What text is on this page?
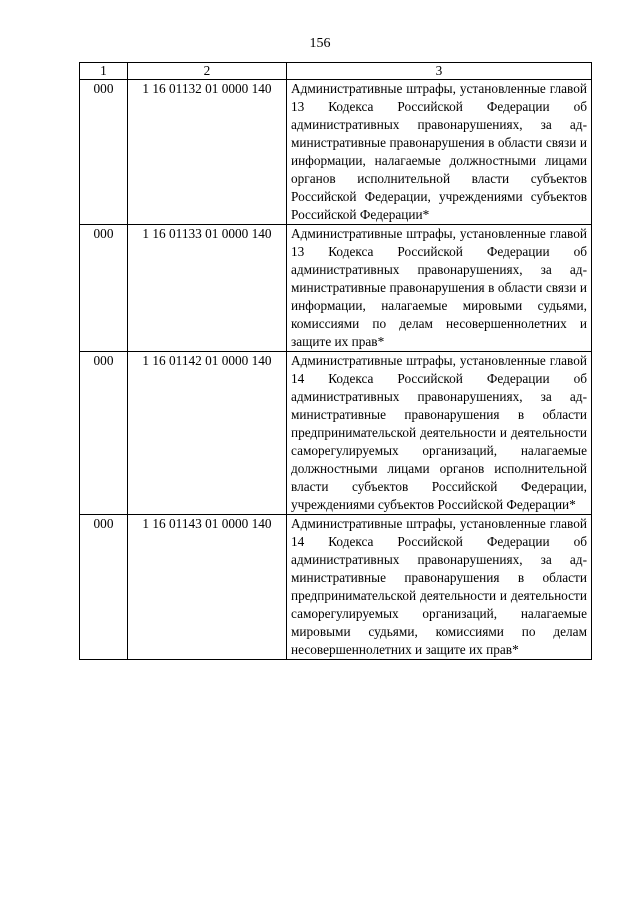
156
1	2	3
000	1 16 01132 01 0000 140	Административные штрафы, установленные главой 13 Кодекса Российской Федерации об административных правонарушениях, за административные правонарушения в области связи и информации, налагаемые должностными лицами органов исполнительной власти субъектов Российской Федерации, учреждениями субъектов Российской Федерации*
000	1 16 01133 01 0000 140	Административные штрафы, установленные главой 13 Кодекса Российской Федерации об административных правонарушениях, за административные правонарушения в области связи и информации, налагаемые мировыми судьями, комиссиями по делам несовершеннолетних и защите их прав*
000	1 16 01142 01 0000 140	Административные штрафы, установленные главой 14 Кодекса Российской Федерации об административных правонарушениях, за административные правонарушения в области предпринимательской деятельности и деятельности саморегулируемых организаций, налагаемые должностными лицами органов исполнительной власти субъектов Российской Федерации, учреждениями субъектов Российской Федерации*
000	1 16 01143 01 0000 140	Административные штрафы, установленные главой 14 Кодекса Российской Федерации об административных правонарушениях, за административные правонарушения в области предпринимательской деятельности и деятельности саморегулируемых организаций, налагаемые мировыми судьями, комиссиями по делам несовершеннолетних и защите их прав*
